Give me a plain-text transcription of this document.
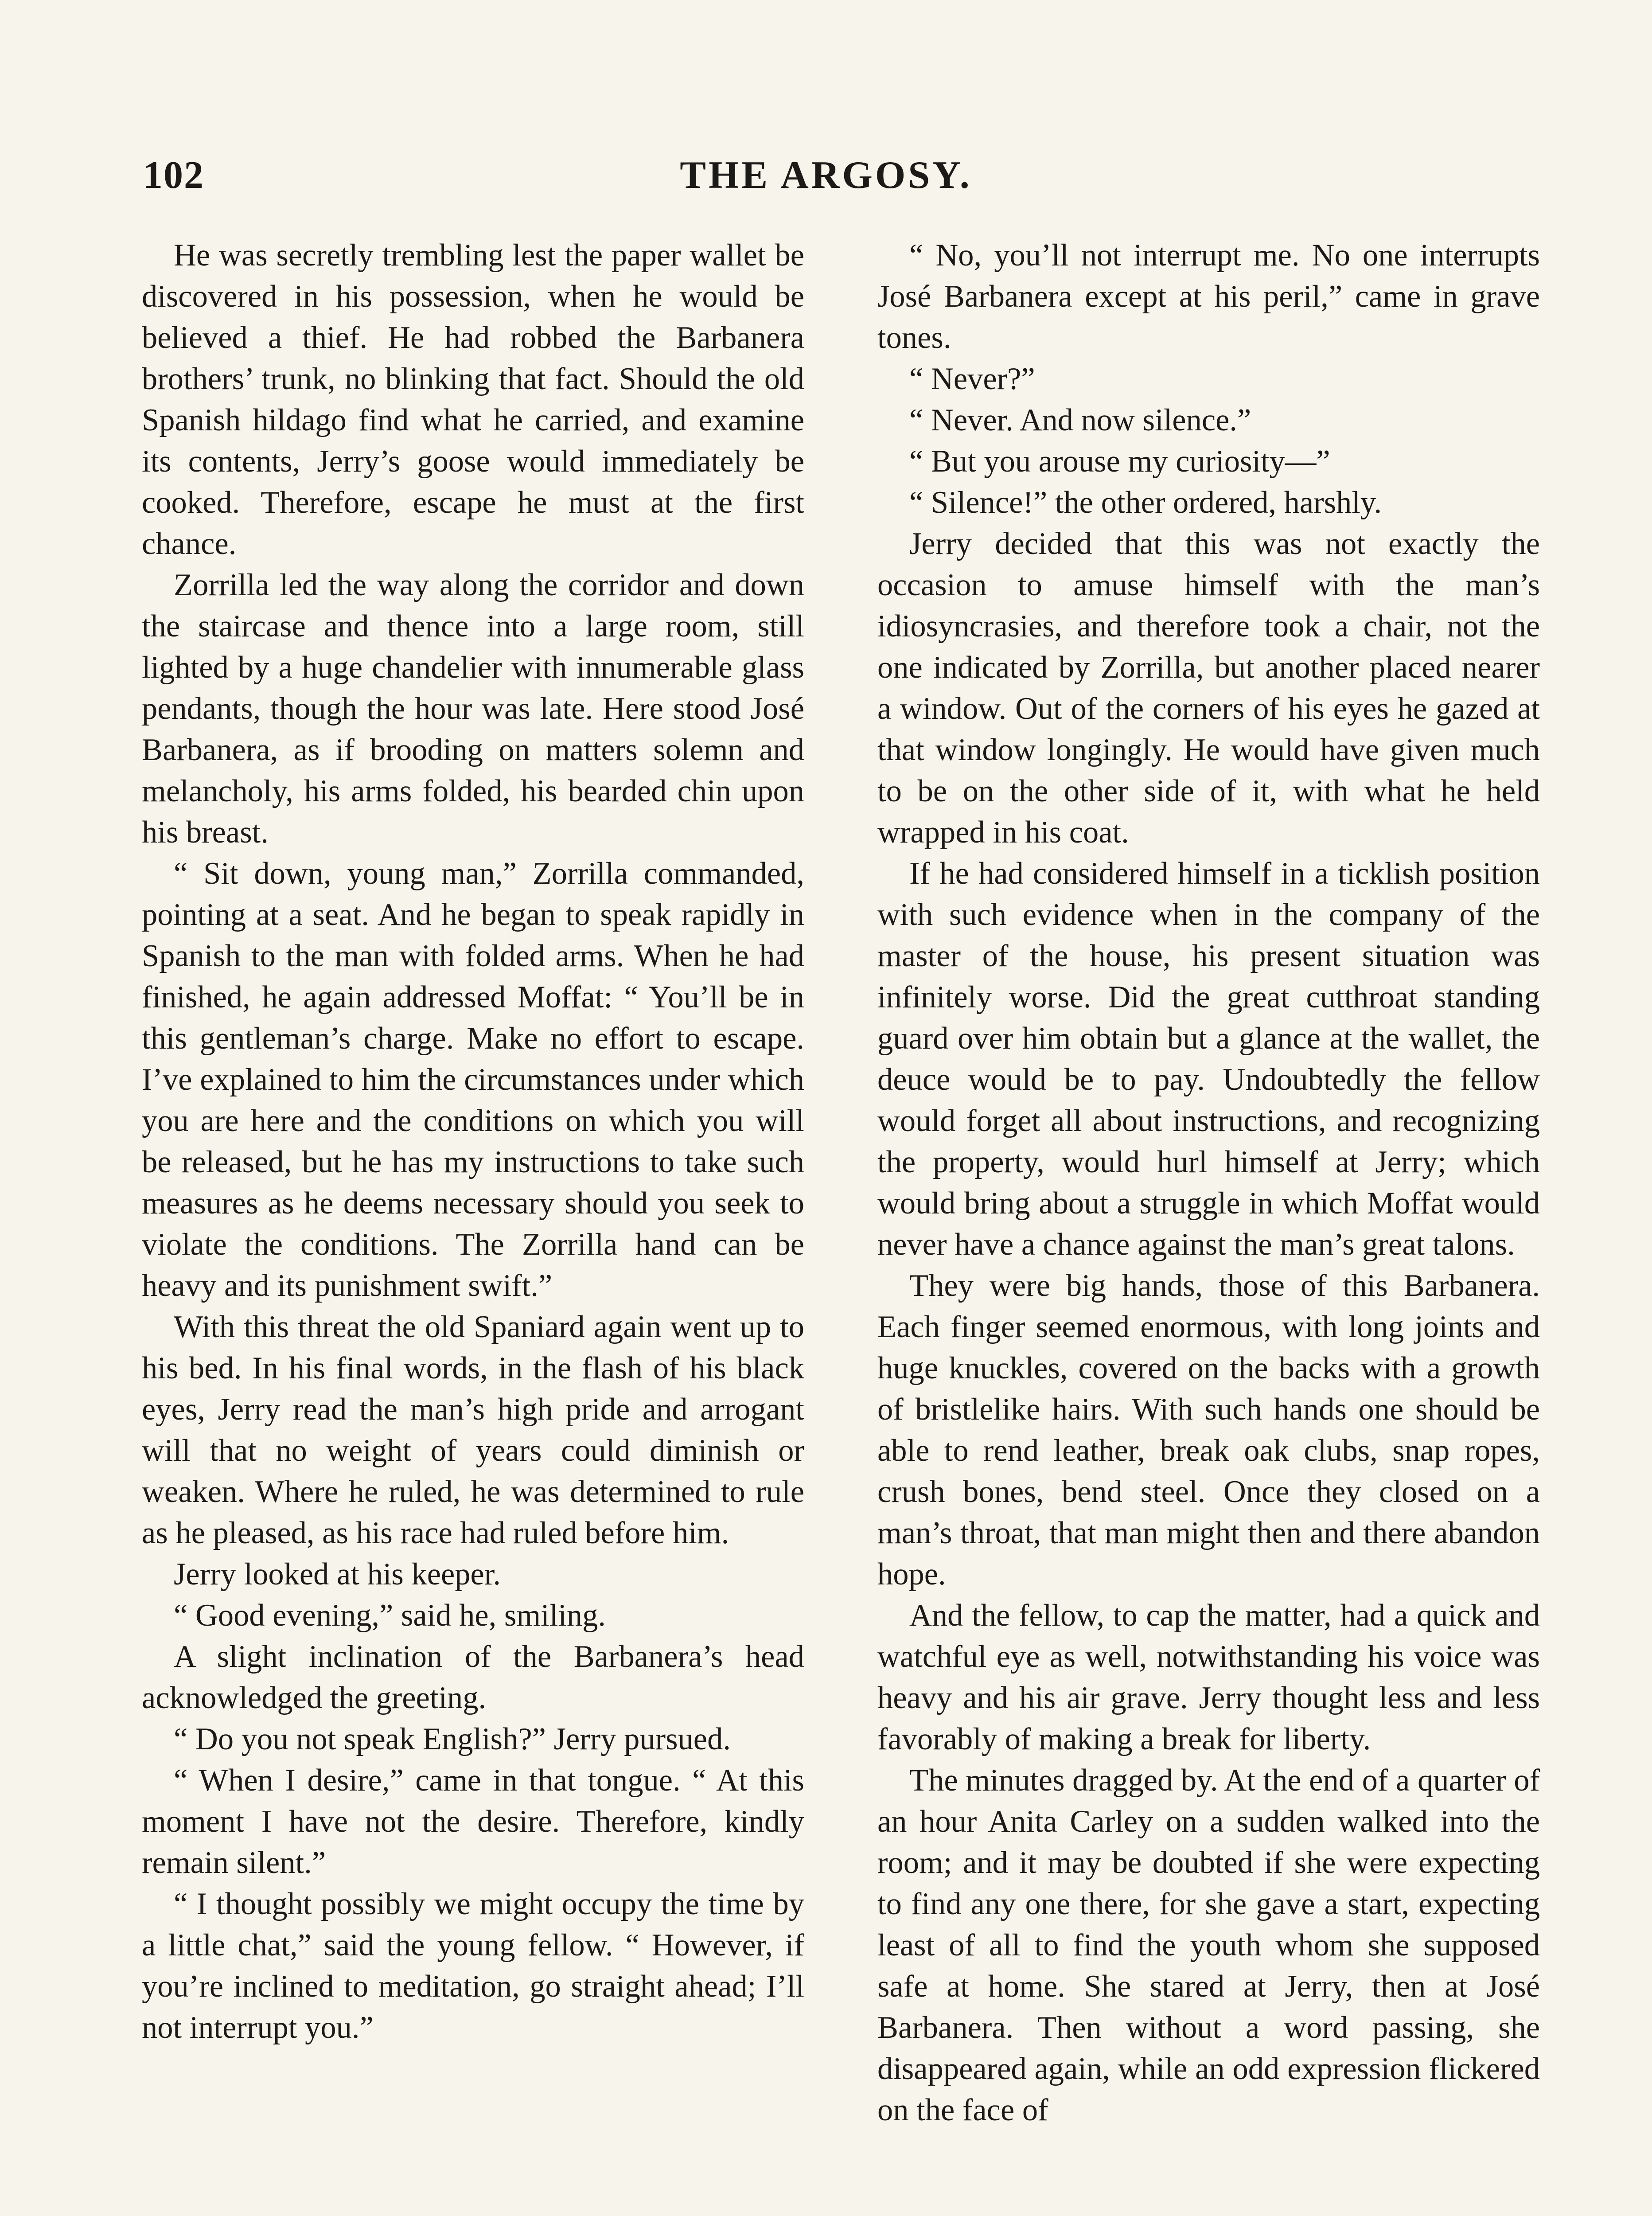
102	THE ARGOSY.

He was secretly trembling lest the paper wallet be discovered in his possession, when he would be believed a thief. He had robbed the Barbanera brothers’ trunk, no blinking that fact. Should the old Spanish hildago find what he carried, and examine its contents, Jerry’s goose would immediately be cooked. Therefore, escape he must at the first chance.

Zorrilla led the way along the corridor and down the staircase and thence into a large room, still lighted by a huge chandelier with innumerable glass pendants, though the hour was late. Here stood José Barbanera, as if brooding on matters solemn and melancholy, his arms folded, his bearded chin upon his breast.

“ Sit down, young man,” Zorrilla commanded, pointing at a seat. And he began to speak rapidly in Spanish to the man with folded arms. When he had finished, he again addressed Moffat: “ You’ll be in this gentleman’s charge. Make no effort to escape. I’ve explained to him the circumstances under which you are here and the conditions on which you will be released, but he has my instructions to take such measures as he deems necessary should you seek to violate the conditions. The Zorrilla hand can be heavy and its punishment swift.”

With this threat the old Spaniard again went up to his bed. In his final words, in the flash of his black eyes, Jerry read the man’s high pride and arrogant will that no weight of years could diminish or weaken. Where he ruled, he was determined to rule as he pleased, as his race had ruled before him.

Jerry looked at his keeper.

“ Good evening,” said he, smiling.

A slight inclination of the Barbanera’s head acknowledged the greeting.

“ Do you not speak English?” Jerry pursued.

“ When I desire,” came in that tongue. “ At this moment I have not the desire. Therefore, kindly remain silent.”

“ I thought possibly we might occupy the time by a little chat,” said the young fellow. “ However, if you’re inclined to meditation, go straight ahead; I’ll not interrupt you.”

“ No, you’ll not interrupt me. No one interrupts José Barbanera except at his peril,” came in grave tones.

“ Never?”

“ Never. And now silence.”

“ But you arouse my curiosity—”

“ Silence!” the other ordered, harshly.

Jerry decided that this was not exactly the occasion to amuse himself with the man’s idiosyncrasies, and therefore took a chair, not the one indicated by Zorrilla, but another placed nearer a window. Out of the corners of his eyes he gazed at that window longingly. He would have given much to be on the other side of it, with what he held wrapped in his coat.

If he had considered himself in a ticklish position with such evidence when in the company of the master of the house, his present situation was infinitely worse. Did the great cutthroat standing guard over him obtain but a glance at the wallet, the deuce would be to pay. Undoubtedly the fellow would forget all about instructions, and recognizing the property, would hurl himself at Jerry; which would bring about a struggle in which Moffat would never have a chance against the man’s great talons.

They were big hands, those of this Barbanera. Each finger seemed enormous, with long joints and huge knuckles, covered on the backs with a growth of bristlelike hairs. With such hands one should be able to rend leather, break oak clubs, snap ropes, crush bones, bend steel. Once they closed on a man’s throat, that man might then and there abandon hope.

And the fellow, to cap the matter, had a quick and watchful eye as well, notwithstanding his voice was heavy and his air grave. Jerry thought less and less favorably of making a break for liberty.

The minutes dragged by. At the end of a quarter of an hour Anita Carley on a sudden walked into the room; and it may be doubted if she were expecting to find any one there, for she gave a start, expecting least of all to find the youth whom she supposed safe at home. She stared at Jerry, then at José Barbanera. Then without a word passing, she disappeared again, while an odd expression flickered on the face of
